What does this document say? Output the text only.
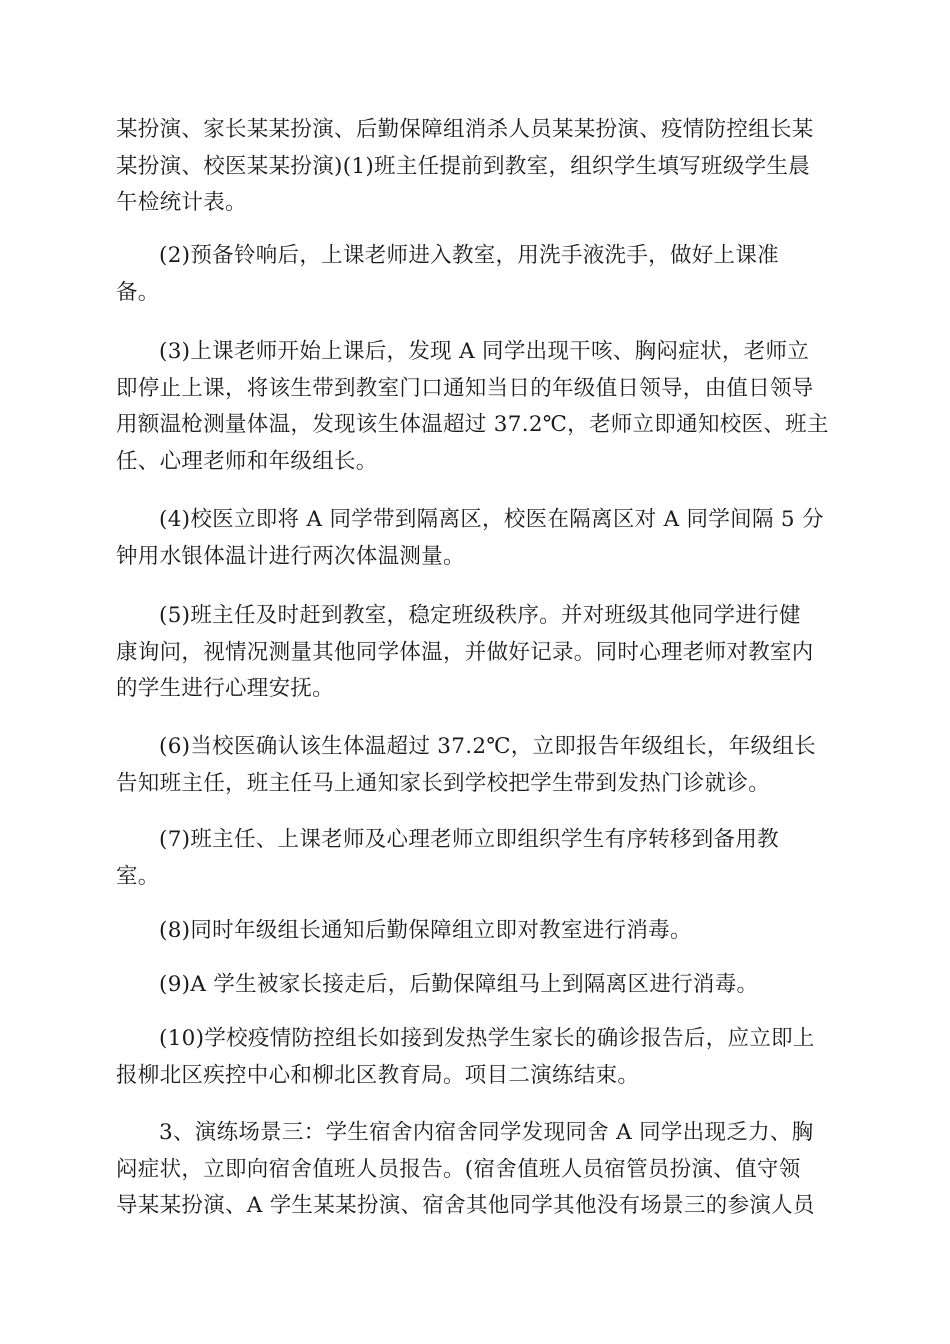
某扮演、家长某某扮演、后勤保障组消杀人员某某扮演、疫情防控组长某
某扮演、校医某某扮演)(1)班主任提前到教室，组织学生填写班级学生晨
午检统计表。

(2)预备铃响后，上课老师进入教室，用洗手液洗手，做好上课准
备。

(3)上课老师开始上课后，发现 A 同学出现干咳、胸闷症状，老师立
即停止上课，将该生带到教室门口通知当日的年级值日领导，由值日领导
用额温枪测量体温，发现该生体温超过 37.2℃，老师立即通知校医、班主
任、心理老师和年级组长。

(4)校医立即将 A 同学带到隔离区，校医在隔离区对 A 同学间隔 5 分
钟用水银体温计进行两次体温测量。

(5)班主任及时赶到教室，稳定班级秩序。并对班级其他同学进行健
康询问，视情况测量其他同学体温，并做好记录。同时心理老师对教室内
的学生进行心理安抚。

(6)当校医确认该生体温超过 37.2℃，立即报告年级组长，年级组长
告知班主任，班主任马上通知家长到学校把学生带到发热门诊就诊。

(7)班主任、上课老师及心理老师立即组织学生有序转移到备用教
室。

(8)同时年级组长通知后勤保障组立即对教室进行消毒。

(9)A 学生被家长接走后，后勤保障组马上到隔离区进行消毒。

(10)学校疫情防控组长如接到发热学生家长的确诊报告后，应立即上
报柳北区疾控中心和柳北区教育局。项目二演练结束。

3、演练场景三：学生宿舍内宿舍同学发现同舍 A 同学出现乏力、胸
闷症状，立即向宿舍值班人员报告。(宿舍值班人员宿管员扮演、值守领
导某某扮演、A 学生某某扮演、宿舍其他同学其他没有场景三的参演人员
